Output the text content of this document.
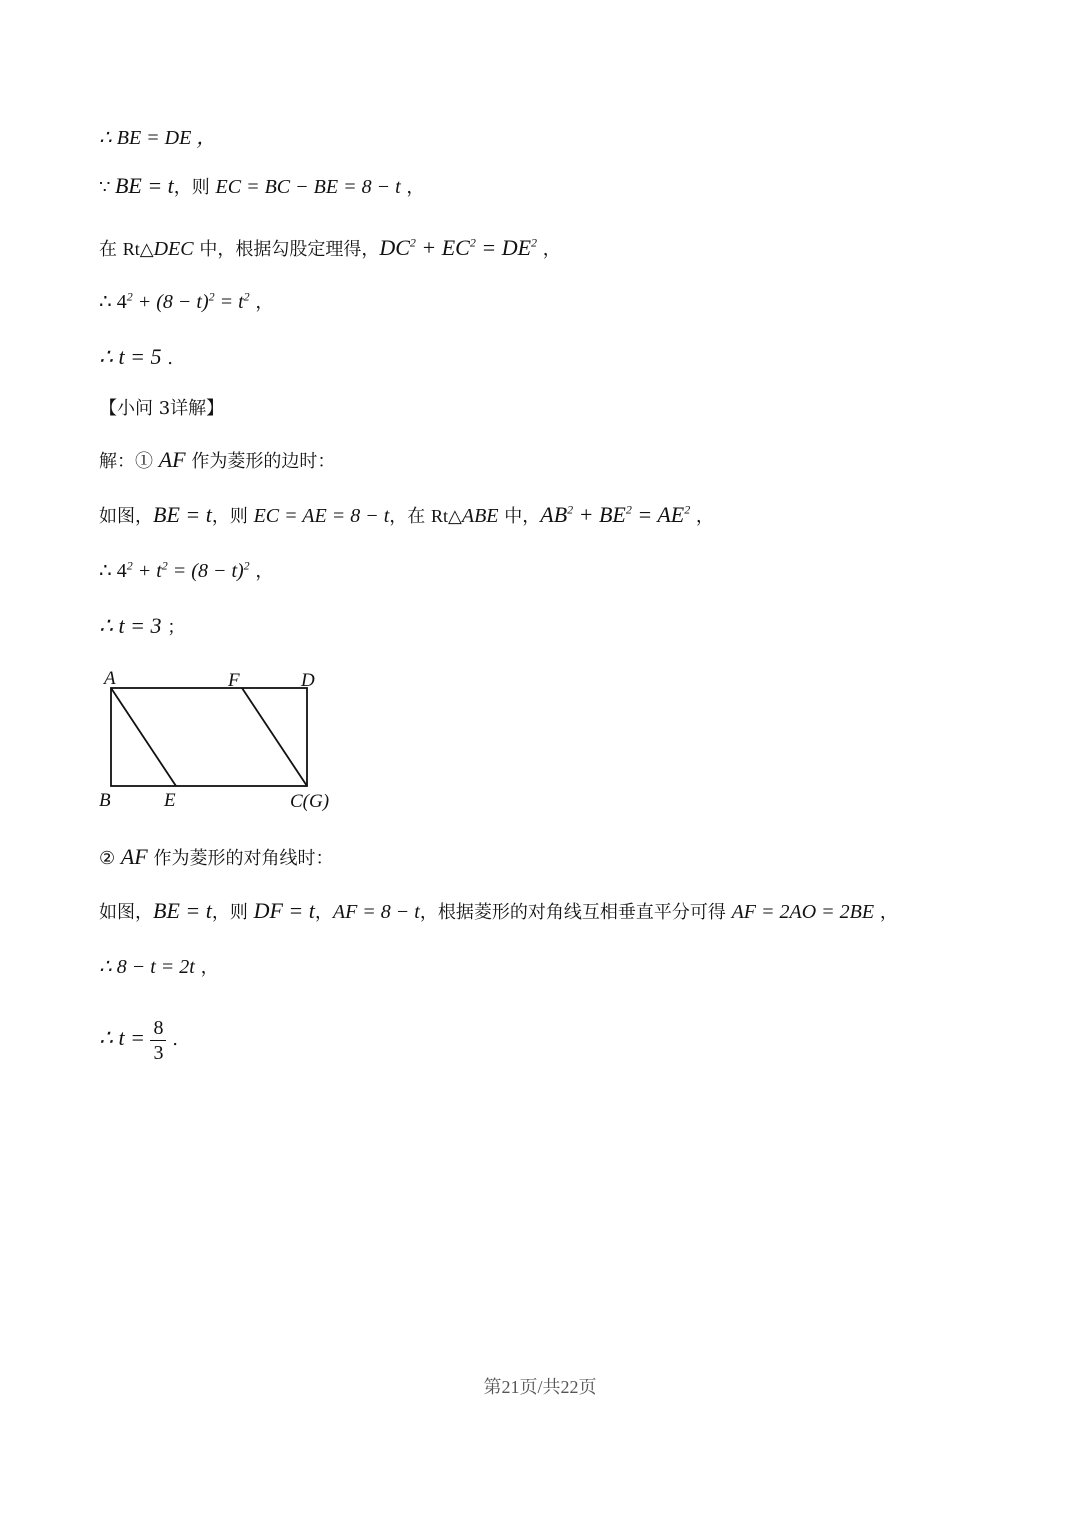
∴ BE = DE ，
∵ BE = t，则 EC = BC − BE = 8 − t ，
在 Rt△DEC 中，根据勾股定理得，$DC^2 + EC^2 = DE^2$ ，
∴ $4^2 + (8 - t)^2 = t^2$ ，
∴ t = 5 .
【小问 3详解】
解：① AF 作为菱形的边时：
如图，BE = t，则 EC = AE = 8 − t，在 Rt△ABE 中，$AB^2 + BE^2 = AE^2$ ，
∴ $4^2 + t^2 = (8 - t)^2$ ，
∴ t = 3 ；
A	F	D
B	E	C(G)
② AF 作为菱形的对角线时：
如图，BE = t，则 DF = t，AF = 8 − t，根据菱形的对角线互相垂直平分可得 AF = 2AO = 2BE ，
∴ 8 − t = 2t ，
∴ $t = \frac{8}{3}$ .
第21页/共22页
